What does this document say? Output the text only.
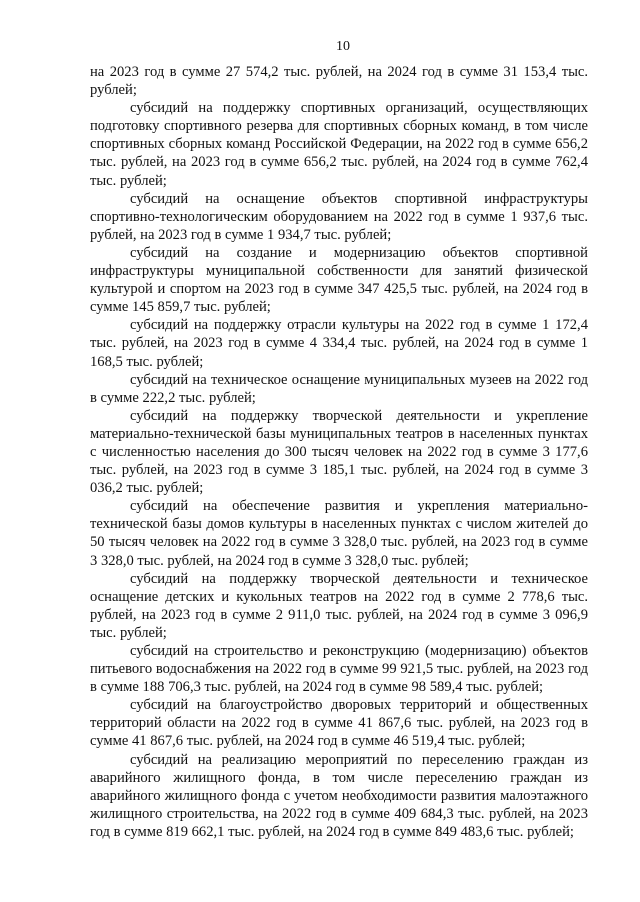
10

на 2023 год в сумме 27 574,2 тыс. рублей, на 2024 год в сумме 31 153,4 тыс. рублей;

субсидий на поддержку спортивных организаций, осуществляющих подготовку спортивного резерва для спортивных сборных команд, в том числе спортивных сборных команд Российской Федерации, на 2022 год в сумме 656,2 тыс. рублей, на 2023 год в сумме 656,2 тыс. рублей, на 2024 год в сумме 762,4 тыс. рублей;

субсидий на оснащение объектов спортивной инфраструктуры спортивно-технологическим оборудованием на 2022 год в сумме 1 937,6 тыс. рублей, на 2023 год в сумме 1 934,7 тыс. рублей;

субсидий на создание и модернизацию объектов спортивной инфраструктуры муниципальной собственности для занятий физической культурой и спортом на 2023 год в сумме 347 425,5 тыс. рублей, на 2024 год в сумме 145 859,7 тыс. рублей;

субсидий на поддержку отрасли культуры на 2022 год в сумме 1 172,4 тыс. рублей, на 2023 год в сумме 4 334,4 тыс. рублей, на 2024 год в сумме 1 168,5 тыс. рублей;

субсидий на техническое оснащение муниципальных музеев на 2022 год в сумме 222,2 тыс. рублей;

субсидий на поддержку творческой деятельности и укрепление материально-технической базы муниципальных театров в населенных пунктах с численностью населения до 300 тысяч человек на 2022 год в сумме 3 177,6 тыс. рублей, на 2023 год в сумме 3 185,1 тыс. рублей, на 2024 год в сумме 3 036,2 тыс. рублей;

субсидий на обеспечение развития и укрепления материально-технической базы домов культуры в населенных пунктах с числом жителей до 50 тысяч человек на 2022 год в сумме 3 328,0 тыс. рублей, на 2023 год в сумме 3 328,0 тыс. рублей, на 2024 год в сумме 3 328,0 тыс. рублей;

субсидий на поддержку творческой деятельности и техническое оснащение детских и кукольных театров на 2022 год в сумме 2 778,6 тыс. рублей, на 2023 год в сумме 2 911,0 тыс. рублей, на 2024 год в сумме 3 096,9 тыс. рублей;

субсидий на строительство и реконструкцию (модернизацию) объектов питьевого водоснабжения на 2022 год в сумме 99 921,5 тыс. рублей, на 2023 год в сумме 188 706,3 тыс. рублей, на 2024 год в сумме 98 589,4 тыс. рублей;

субсидий на благоустройство дворовых территорий и общественных территорий области на 2022 год в сумме 41 867,6 тыс. рублей, на 2023 год в сумме 41 867,6 тыс. рублей, на 2024 год в сумме 46 519,4 тыс. рублей;

субсидий на реализацию мероприятий по переселению граждан из аварийного жилищного фонда, в том числе переселению граждан из аварийного жилищного фонда с учетом необходимости развития малоэтажного жилищного строительства, на 2022 год в сумме 409 684,3 тыс. рублей, на 2023 год в сумме 819 662,1 тыс. рублей, на 2024 год в сумме 849 483,6 тыс. рублей;
